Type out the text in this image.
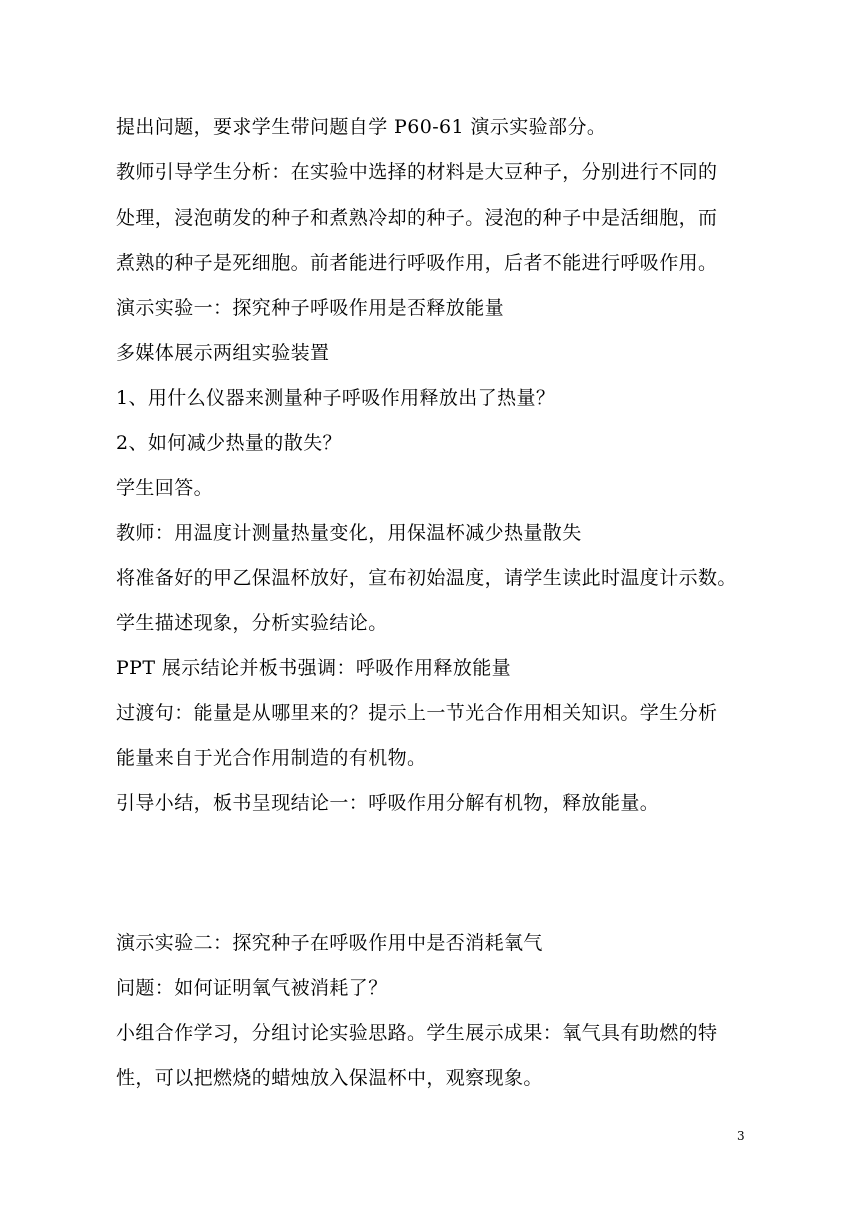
提出问题，要求学生带问题自学 P60-61 演示实验部分。
教师引导学生分析：在实验中选择的材料是大豆种子，分别进行不同的
处理，浸泡萌发的种子和煮熟冷却的种子。浸泡的种子中是活细胞，而
煮熟的种子是死细胞。前者能进行呼吸作用，后者不能进行呼吸作用。
演示实验一：探究种子呼吸作用是否释放能量
多媒体展示两组实验装置
1、用什么仪器来测量种子呼吸作用释放出了热量？
2、如何减少热量的散失？
学生回答。
教师：用温度计测量热量变化，用保温杯减少热量散失
将准备好的甲乙保温杯放好，宣布初始温度，请学生读此时温度计示数。
学生描述现象，分析实验结论。
PPT 展示结论并板书强调：呼吸作用释放能量
过渡句：能量是从哪里来的？提示上一节光合作用相关知识。学生分析
能量来自于光合作用制造的有机物。
引导小结，板书呈现结论一：呼吸作用分解有机物，释放能量。
演示实验二：探究种子在呼吸作用中是否消耗氧气
问题：如何证明氧气被消耗了？
小组合作学习，分组讨论实验思路。学生展示成果：氧气具有助燃的特
性，可以把燃烧的蜡烛放入保温杯中，观察现象。
3
